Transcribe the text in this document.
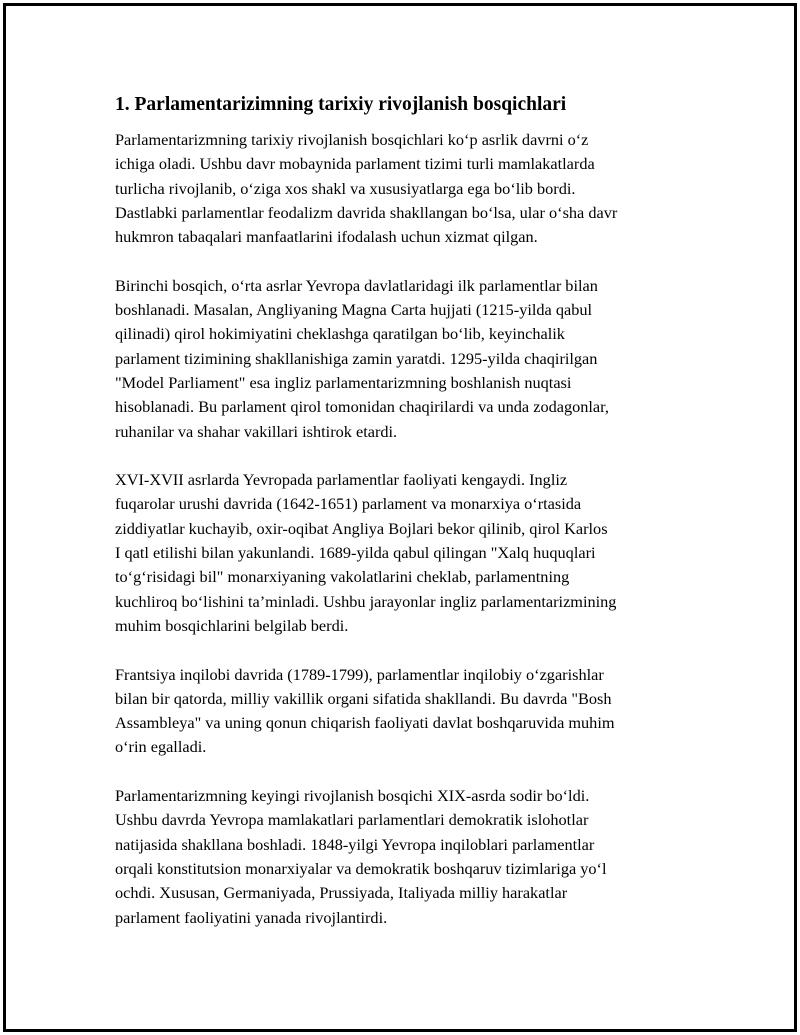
1. Parlamentarizimning tarixiy rivojlanish bosqichlari

Parlamentarizmning tarixiy rivojlanish bosqichlari koʻp asrlik davrni oʻz
ichiga oladi. Ushbu davr mobaynida parlament tizimi turli mamlakatlarda
turlicha rivojlanib, oʻziga xos shakl va xususiyatlarga ega boʻlib bordi.
Dastlabki parlamentlar feodalizm davrida shakllangan boʻlsa, ular oʻsha davr
hukmron tabaqalari manfaatlarini ifodalash uchun xizmat qilgan.

Birinchi bosqich, oʻrta asrlar Yevropa davlatlaridagi ilk parlamentlar bilan
boshlanadi. Masalan, Angliyaning Magna Carta hujjati (1215-yilda qabul
qilinadi) qirol hokimiyatini cheklashga qaratilgan boʻlib, keyinchalik
parlament tizimining shakllanishiga zamin yaratdi. 1295-yilda chaqirilgan
"Model Parliament" esa ingliz parlamentarizmning boshlanish nuqtasi
hisoblanadi. Bu parlament qirol tomonidan chaqirilardi va unda zodagonlar,
ruhanilar va shahar vakillari ishtirok etardi.

XVI-XVII asrlarda Yevropada parlamentlar faoliyati kengaydi. Ingliz
fuqarolar urushi davrida (1642-1651) parlament va monarxiya oʻrtasida
ziddiyatlar kuchayib, oxir-oqibat Angliya Bojlari bekor qilinib, qirol Karlos
I qatl etilishi bilan yakunlandi. 1689-yilda qabul qilingan "Xalq huquqlari
toʻgʻrisidagi bil" monarxiyaning vakolatlarini cheklab, parlamentning
kuchliroq boʻlishini taʼminladi. Ushbu jarayonlar ingliz parlamentarizmining
muhim bosqichlarini belgilab berdi.

Frantsiya inqilobi davrida (1789-1799), parlamentlar inqilobiy oʻzgarishlar
bilan bir qatorda, milliy vakillik organi sifatida shakllandi. Bu davrda "Bosh
Assambleya" va uning qonun chiqarish faoliyati davlat boshqaruvida muhim
oʻrin egalladi.

Parlamentarizmning keyingi rivojlanish bosqichi XIX-asrda sodir boʻldi.
Ushbu davrda Yevropa mamlakatlari parlamentlari demokratik islohotlar
natijasida shakllana boshladi. 1848-yilgi Yevropa inqiloblari parlamentlar
orqali konstitutsion monarxiyalar va demokratik boshqaruv tizimlariga yoʻl
ochdi. Xususan, Germaniyada, Prussiyada, Italiyada milliy harakatlar
parlament faoliyatini yanada rivojlantirdi.
